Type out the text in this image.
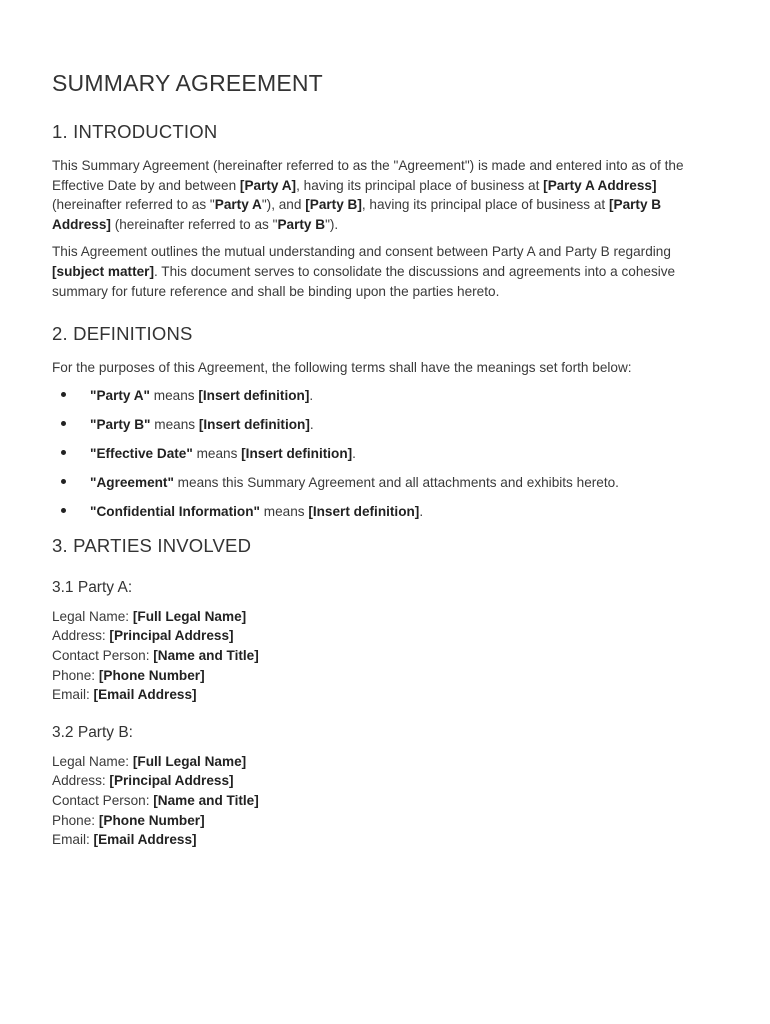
SUMMARY AGREEMENT
1. INTRODUCTION

This Summary Agreement (hereinafter referred to as the "Agreement") is made and entered into as of the Effective Date by and between [Party A], having its principal place of business at [Party A Address] (hereinafter referred to as "Party A"), and [Party B], having its principal place of business at [Party B Address] (hereinafter referred to as "Party B").

This Agreement outlines the mutual understanding and consent between Party A and Party B regarding [subject matter]. This document serves to consolidate the discussions and agreements into a cohesive summary for future reference and shall be binding upon the parties hereto.

2. DEFINITIONS

For the purposes of this Agreement, the following terms shall have the meanings set forth below:

"Party A" means [Insert definition].
"Party B" means [Insert definition].
"Effective Date" means [Insert definition].
"Agreement" means this Summary Agreement and all attachments and exhibits hereto.
"Confidential Information" means [Insert definition].
3. PARTIES INVOLVED
3.1 Party A:
Legal Name: [Full Legal Name]
Address: [Principal Address]
Contact Person: [Name and Title]
Phone: [Phone Number]
Email: [Email Address]
3.2 Party B:
Legal Name: [Full Legal Name]
Address: [Principal Address]
Contact Person: [Name and Title]
Phone: [Phone Number]
Email: [Email Address]
